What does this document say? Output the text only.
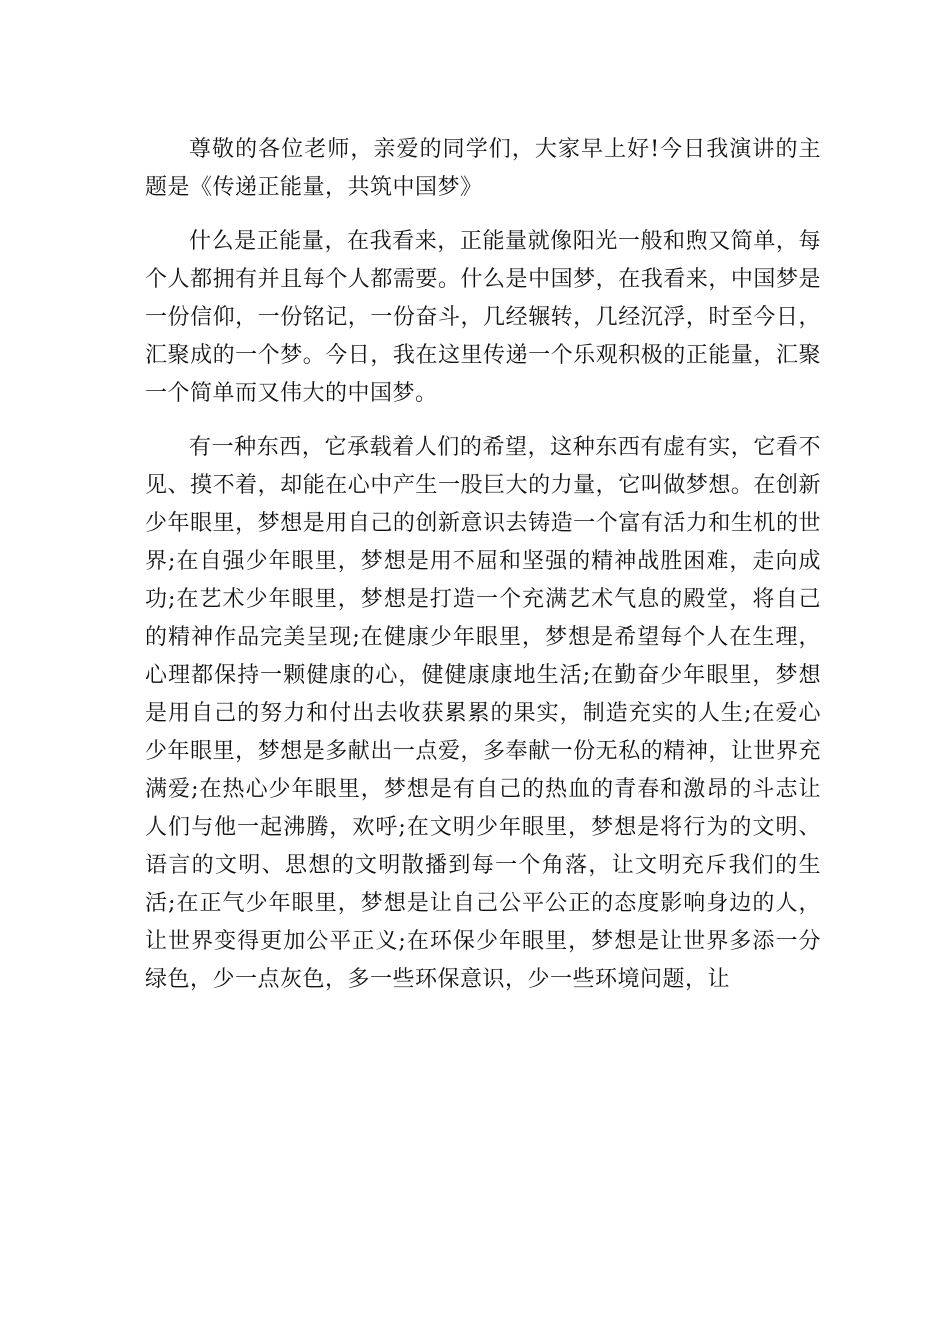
尊敬的各位老师，亲爱的同学们，大家早上好!今日我演讲的主题是《传递正能量，共筑中国梦》

什么是正能量，在我看来，正能量就像阳光一般和煦又简单，每个人都拥有并且每个人都需要。什么是中国梦，在我看来，中国梦是一份信仰，一份铭记，一份奋斗，几经辗转，几经沉浮，时至今日，汇聚成的一个梦。今日，我在这里传递一个乐观积极的正能量，汇聚一个简单而又伟大的中国梦。

有一种东西，它承载着人们的希望，这种东西有虚有实，它看不见、摸不着，却能在心中产生一股巨大的力量，它叫做梦想。在创新少年眼里，梦想是用自己的创新意识去铸造一个富有活力和生机的世界;在自强少年眼里，梦想是用不屈和坚强的精神战胜困难，走向成功;在艺术少年眼里，梦想是打造一个充满艺术气息的殿堂，将自己的精神作品完美呈现;在健康少年眼里，梦想是希望每个人在生理，心理都保持一颗健康的心，健健康康地生活;在勤奋少年眼里，梦想是用自己的努力和付出去收获累累的果实，制造充实的人生;在爱心少年眼里，梦想是多献出一点爱，多奉献一份无私的精神，让世界充满爱;在热心少年眼里，梦想是有自己的热血的青春和激昂的斗志让人们与他一起沸腾，欢呼;在文明少年眼里，梦想是将行为的文明、语言的文明、思想的文明散播到每一个角落，让文明充斥我们的生活;在正气少年眼里，梦想是让自己公平公正的态度影响身边的人，让世界变得更加公平正义;在环保少年眼里，梦想是让世界多添一分绿色，少一点灰色，多一些环保意识，少一些环境问题，让
